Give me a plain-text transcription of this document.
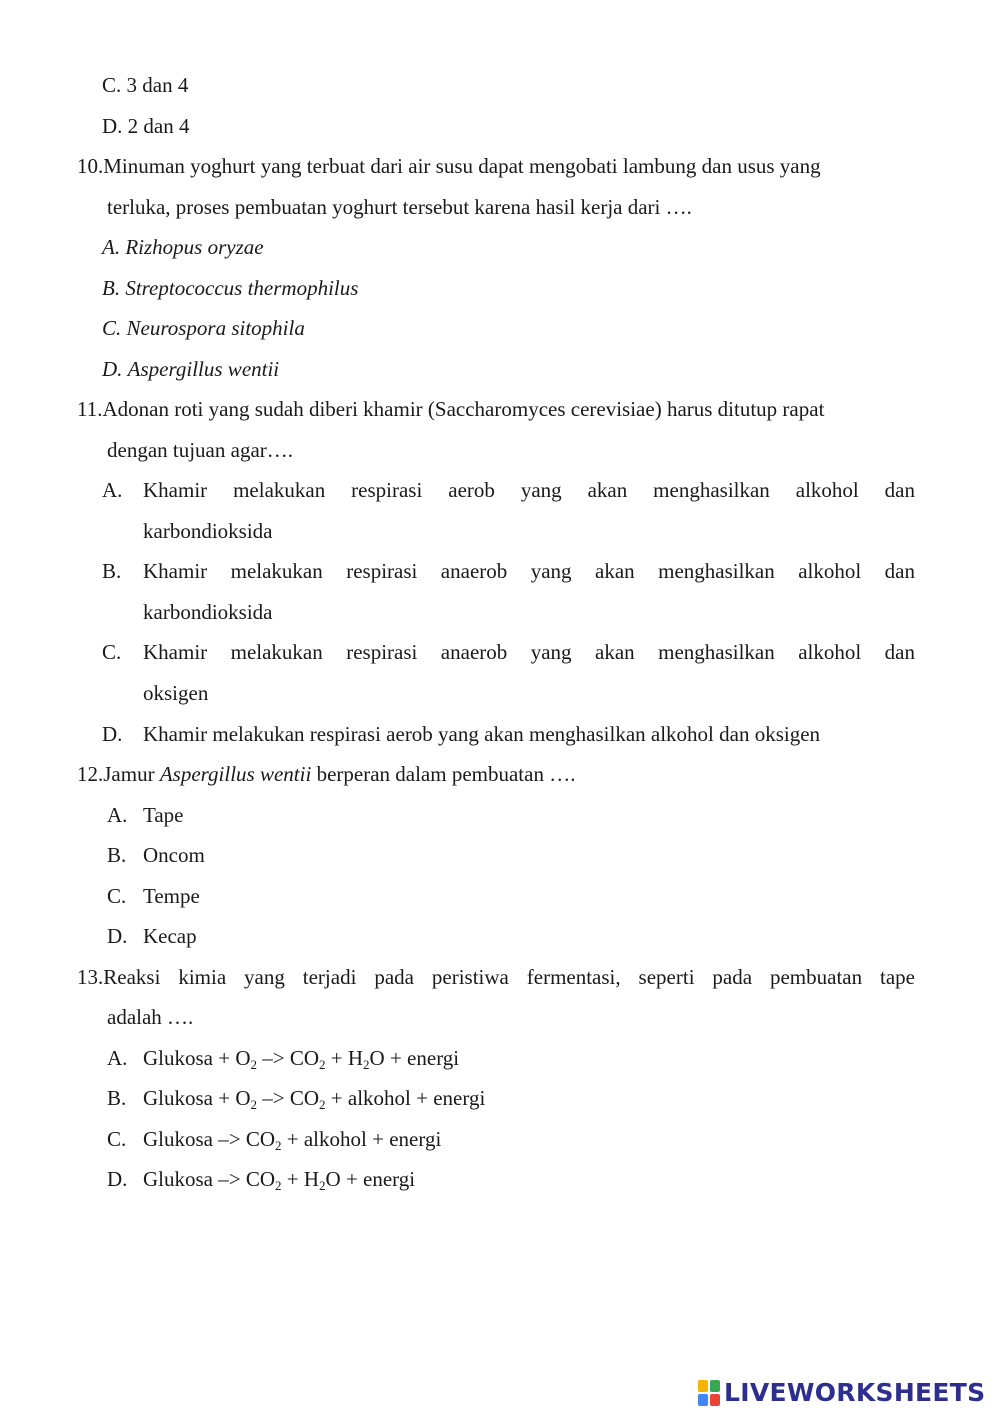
C. 3 dan 4
D. 2 dan 4
10.Minuman yoghurt yang terbuat dari air susu dapat mengobati lambung dan usus yang
terluka, proses pembuatan yoghurt tersebut karena hasil kerja dari ….
A. Rizhopus oryzae
B. Streptococcus thermophilus
C. Neurospora sitophila
D. Aspergillus wentii
11.Adonan roti yang sudah diberi khamir (Saccharomyces cerevisiae) harus ditutup rapat
dengan tujuan agar….
A. Khamir melakukan respirasi aerob yang akan menghasilkan alkohol dan
karbondioksida
B. Khamir melakukan respirasi anaerob yang akan menghasilkan alkohol dan
karbondioksida
C. Khamir melakukan respirasi anaerob yang akan menghasilkan alkohol dan
oksigen
D. Khamir melakukan respirasi aerob yang akan menghasilkan alkohol dan oksigen
12.Jamur Aspergillus wentii berperan dalam pembuatan ….
A. Tape
B. Oncom
C. Tempe
D. Kecap
13.Reaksi kimia yang terjadi pada peristiwa fermentasi, seperti pada pembuatan tape
adalah ….
A. Glukosa + $O_2 -> CO_2 + H_2O$ + energi
B. Glukosa + $O_2 -> CO_2$ + alkohol + energi
C. Glukosa –> $CO_2$ + alkohol + energi
D. Glukosa –> $CO_2 + H_2O$ + energi
LIVEWORKSHEETS
